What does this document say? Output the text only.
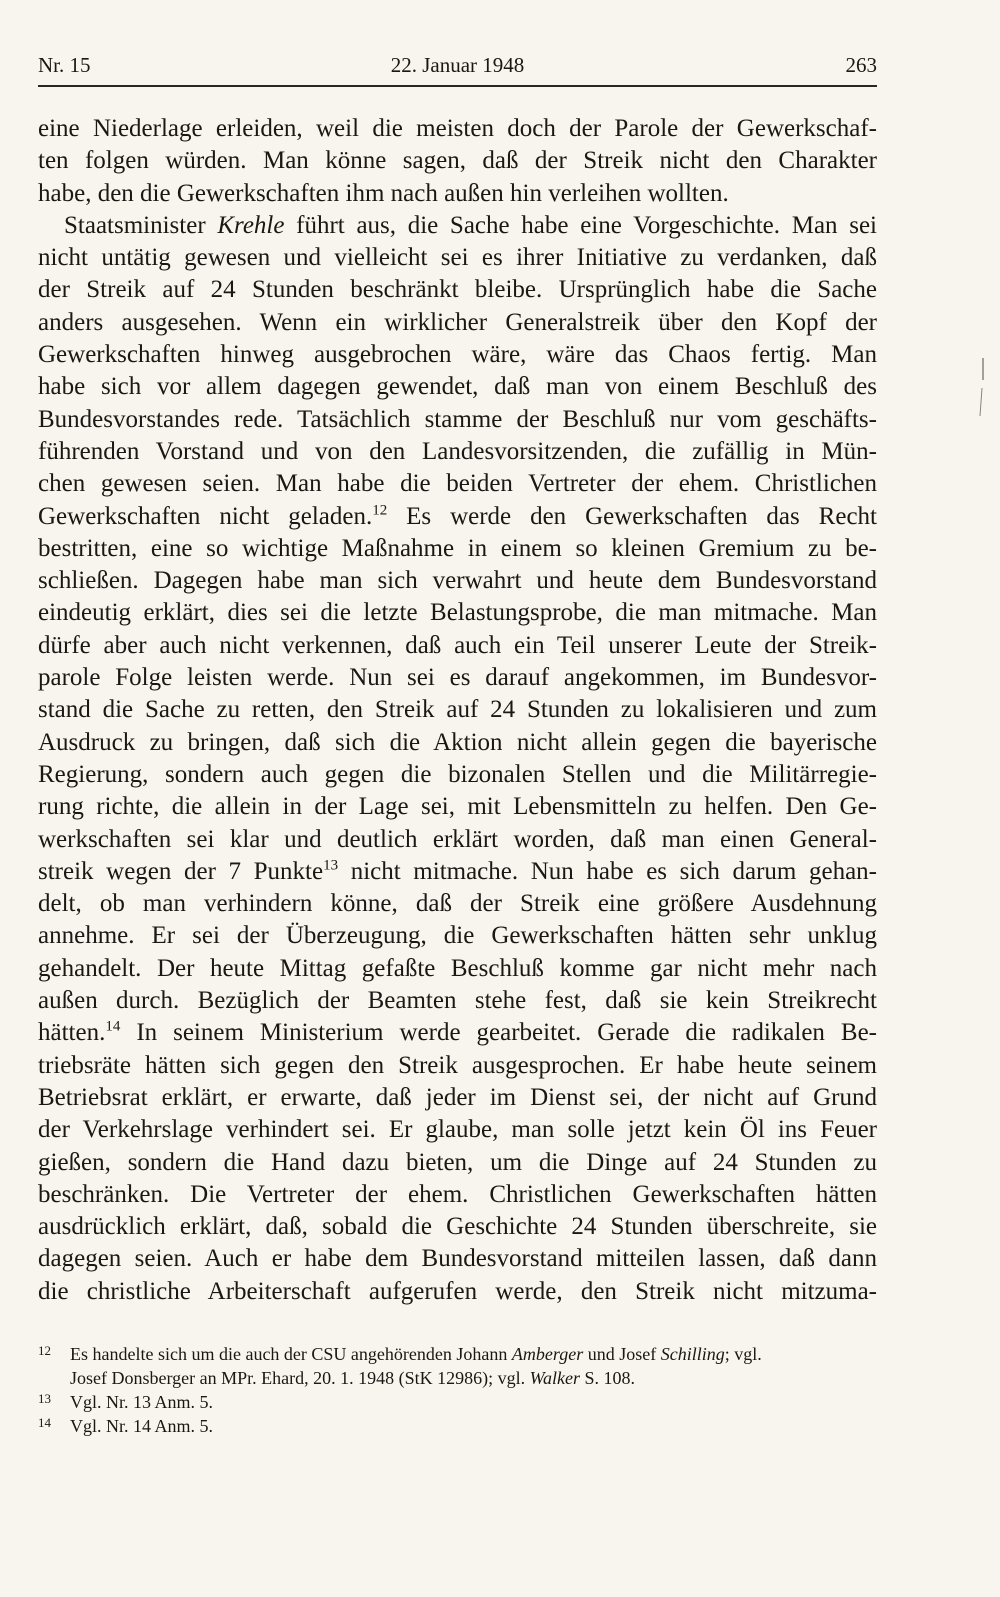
Nr. 15	22. Januar 1948	263
eine Niederlage erleiden, weil die meisten doch der Parole der Gewerkschaf-
ten folgen würden. Man könne sagen, daß der Streik nicht den Charakter
habe, den die Gewerkschaften ihm nach außen hin verleihen wollten.
Staatsminister Krehle führt aus, die Sache habe eine Vorgeschichte. Man sei
nicht untätig gewesen und vielleicht sei es ihrer Initiative zu verdanken, daß
der Streik auf 24 Stunden beschränkt bleibe. Ursprünglich habe die Sache
anders ausgesehen. Wenn ein wirklicher Generalstreik über den Kopf der
Gewerkschaften hinweg ausgebrochen wäre, wäre das Chaos fertig. Man
habe sich vor allem dagegen gewendet, daß man von einem Beschluß des
Bundesvorstandes rede. Tatsächlich stamme der Beschluß nur vom geschäfts-
führenden Vorstand und von den Landesvorsitzenden, die zufällig in Mün-
chen gewesen seien. Man habe die beiden Vertreter der ehem. Christlichen
Gewerkschaften nicht geladen.$^{12}$ Es werde den Gewerkschaften das Recht
bestritten, eine so wichtige Maßnahme in einem so kleinen Gremium zu be-
schließen. Dagegen habe man sich verwahrt und heute dem Bundesvorstand
eindeutig erklärt, dies sei die letzte Belastungsprobe, die man mitmache. Man
dürfe aber auch nicht verkennen, daß auch ein Teil unserer Leute der Streik-
parole Folge leisten werde. Nun sei es darauf angekommen, im Bundesvor-
stand die Sache zu retten, den Streik auf 24 Stunden zu lokalisieren und zum
Ausdruck zu bringen, daß sich die Aktion nicht allein gegen die bayerische
Regierung, sondern auch gegen die bizonalen Stellen und die Militärregie-
rung richte, die allein in der Lage sei, mit Lebensmitteln zu helfen. Den Ge-
werkschaften sei klar und deutlich erklärt worden, daß man einen General-
streik wegen der 7 Punkte$^{13}$ nicht mitmache. Nun habe es sich darum gehan-
delt, ob man verhindern könne, daß der Streik eine größere Ausdehnung
annehme. Er sei der Überzeugung, die Gewerkschaften hätten sehr unklug
gehandelt. Der heute Mittag gefaßte Beschluß komme gar nicht mehr nach
außen durch. Bezüglich der Beamten stehe fest, daß sie kein Streikrecht
hätten.$^{14}$ In seinem Ministerium werde gearbeitet. Gerade die radikalen Be-
triebsräte hätten sich gegen den Streik ausgesprochen. Er habe heute seinem
Betriebsrat erklärt, er erwarte, daß jeder im Dienst sei, der nicht auf Grund
der Verkehrslage verhindert sei. Er glaube, man solle jetzt kein Öl ins Feuer
gießen, sondern die Hand dazu bieten, um die Dinge auf 24 Stunden zu
beschränken. Die Vertreter der ehem. Christlichen Gewerkschaften hätten
ausdrücklich erklärt, daß, sobald die Geschichte 24 Stunden überschreite, sie
dagegen seien. Auch er habe dem Bundesvorstand mitteilen lassen, daß dann
die christliche Arbeiterschaft aufgerufen werde, den Streik nicht mitzuma-
12 Es handelte sich um die auch der CSU angehörenden Johann Amberger und Josef Schilling; vgl.
Josef Donsberger an MPr. Ehard, 20. 1. 1948 (StK 12986); vgl. Walker S. 108.
13 Vgl. Nr. 13 Anm. 5.
14 Vgl. Nr. 14 Anm. 5.
